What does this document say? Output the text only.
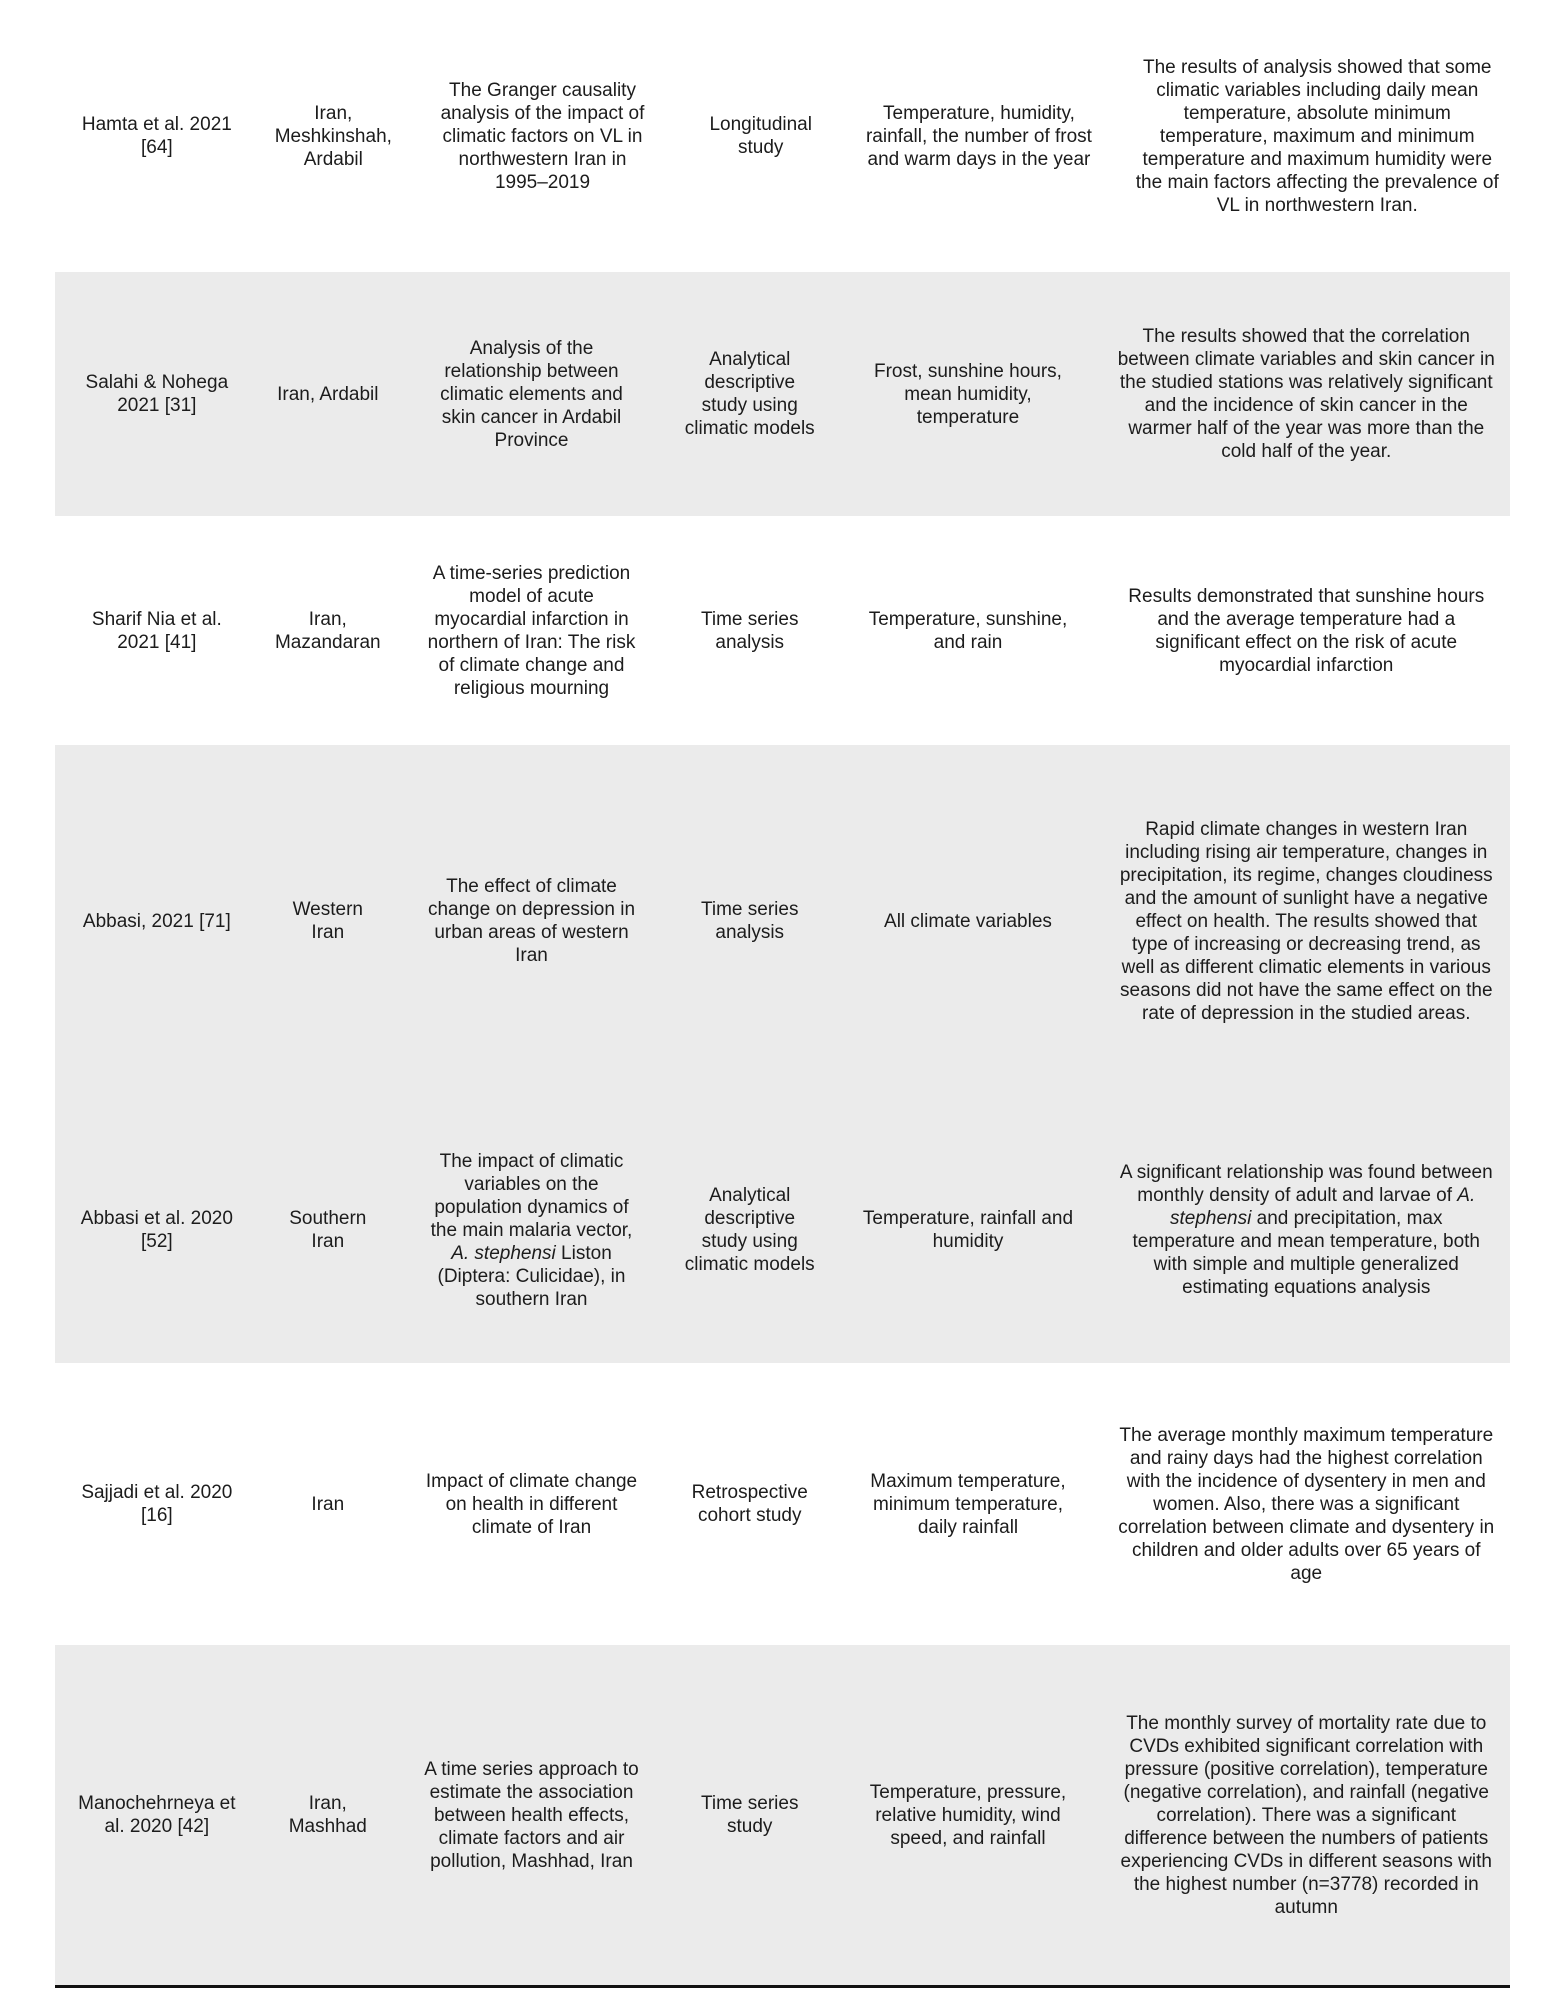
Hamta et al. 2021 [64]
Iran, Meshkinshah, Ardabil
The Granger causality analysis of the impact of climatic factors on VL in northwestern Iran in 1995–2019
Longitudinal study
Temperature, humidity, rainfall, the number of frost and warm days in the year
The results of analysis showed that some climatic variables including daily mean temperature, absolute minimum temperature, maximum and minimum temperature and maximum humidity were the main factors affecting the prevalence of VL in northwestern Iran.
Salahi & Nohega 2021 [31]
Iran, Ardabil
Analysis of the relationship between climatic elements and skin cancer in Ardabil Province
Analytical descriptive study using climatic models
Frost, sunshine hours, mean humidity, temperature
The results showed that the correlation between climate variables and skin cancer in the studied stations was relatively significant and the incidence of skin cancer in the warmer half of the year was more than the cold half of the year.
Sharif Nia et al. 2021 [41]
Iran, Mazandaran
A time-series prediction model of acute myocardial infarction in northern of Iran: The risk of climate change and religious mourning
Time series analysis
Temperature, sunshine, and rain
Results demonstrated that sunshine hours and the average temperature had a significant effect on the risk of acute myocardial infarction
Abbasi, 2021 [71]
Western Iran
The effect of climate change on depression in urban areas of western Iran
Time series analysis
All climate variables
Rapid climate changes in western Iran including rising air temperature, changes in precipitation, its regime, changes cloudiness and the amount of sunlight have a negative effect on health. The results showed that type of increasing or decreasing trend, as well as different climatic elements in various seasons did not have the same effect on the rate of depression in the studied areas.
Abbasi et al. 2020 [52]
Southern Iran
The impact of climatic variables on the population dynamics of the main malaria vector, A. stephensi Liston (Diptera: Culicidae), in southern Iran
Analytical descriptive study using climatic models
Temperature, rainfall and humidity
A significant relationship was found between monthly density of adult and larvae of A. stephensi and precipitation, max temperature and mean temperature, both with simple and multiple generalized estimating equations analysis
Sajjadi et al. 2020 [16]
Iran
Impact of climate change on health in different climate of Iran
Retrospective cohort study
Maximum temperature, minimum temperature, daily rainfall
The average monthly maximum temperature and rainy days had the highest correlation with the incidence of dysentery in men and women. Also, there was a significant correlation between climate and dysentery in children and older adults over 65 years of age
Manochehrneya et al. 2020 [42]
Iran, Mashhad
A time series approach to estimate the association between health effects, climate factors and air pollution, Mashhad, Iran
Time series study
Temperature, pressure, relative humidity, wind speed, and rainfall
The monthly survey of mortality rate due to CVDs exhibited significant correlation with pressure (positive correlation), temperature (negative correlation), and rainfall (negative correlation). There was a significant difference between the numbers of patients experiencing CVDs in different seasons with the highest number (n=3778) recorded in autumn
